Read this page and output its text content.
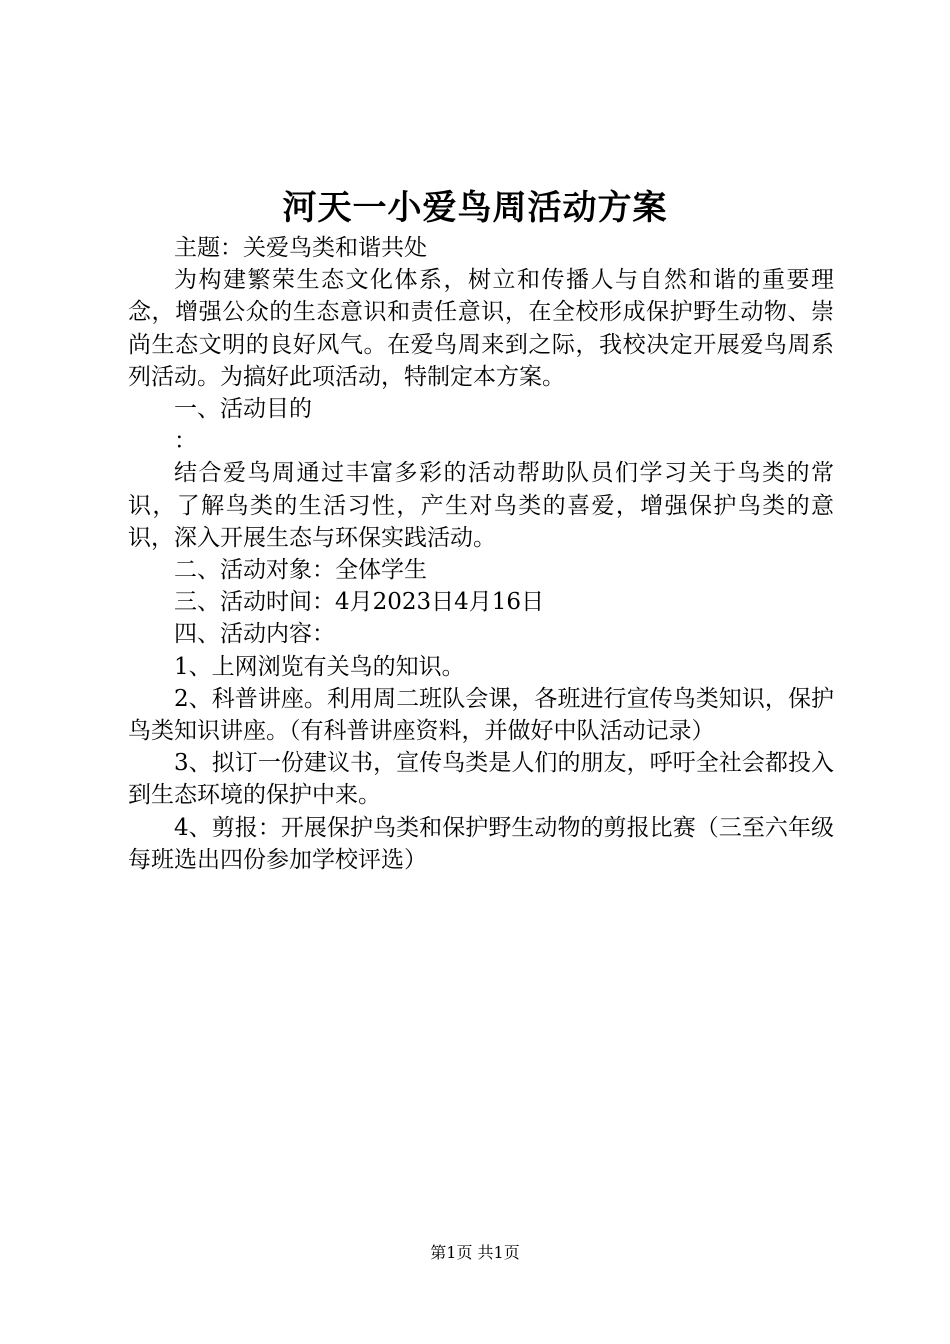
河天一小爱鸟周活动方案

主题：关爱鸟类和谐共处

为构建繁荣生态文化体系，树立和传播人与自然和谐的重要理念，增强公众的生态意识和责任意识，在全校形成保护野生动物、崇尚生态文明的良好风气。在爱鸟周来到之际，我校决定开展爱鸟周系列活动。为搞好此项活动，特制定本方案。

一、活动目的

：

结合爱鸟周通过丰富多彩的活动帮助队员们学习关于鸟类的常识，了解鸟类的生活习性，产生对鸟类的喜爱，增强保护鸟类的意识，深入开展生态与环保实践活动。

二、活动对象：全体学生

三、活动时间：4月2023日4月16日

四、活动内容：

1、上网浏览有关鸟的知识。

2、科普讲座。利用周二班队会课，各班进行宣传鸟类知识，保护鸟类知识讲座。（有科普讲座资料，并做好中队活动记录）

3、拟订一份建议书，宣传鸟类是人们的朋友，呼吁全社会都投入到生态环境的保护中来。

4、剪报：开展保护鸟类和保护野生动物的剪报比赛（三至六年级每班选出四份参加学校评选）

第1页 共1页
